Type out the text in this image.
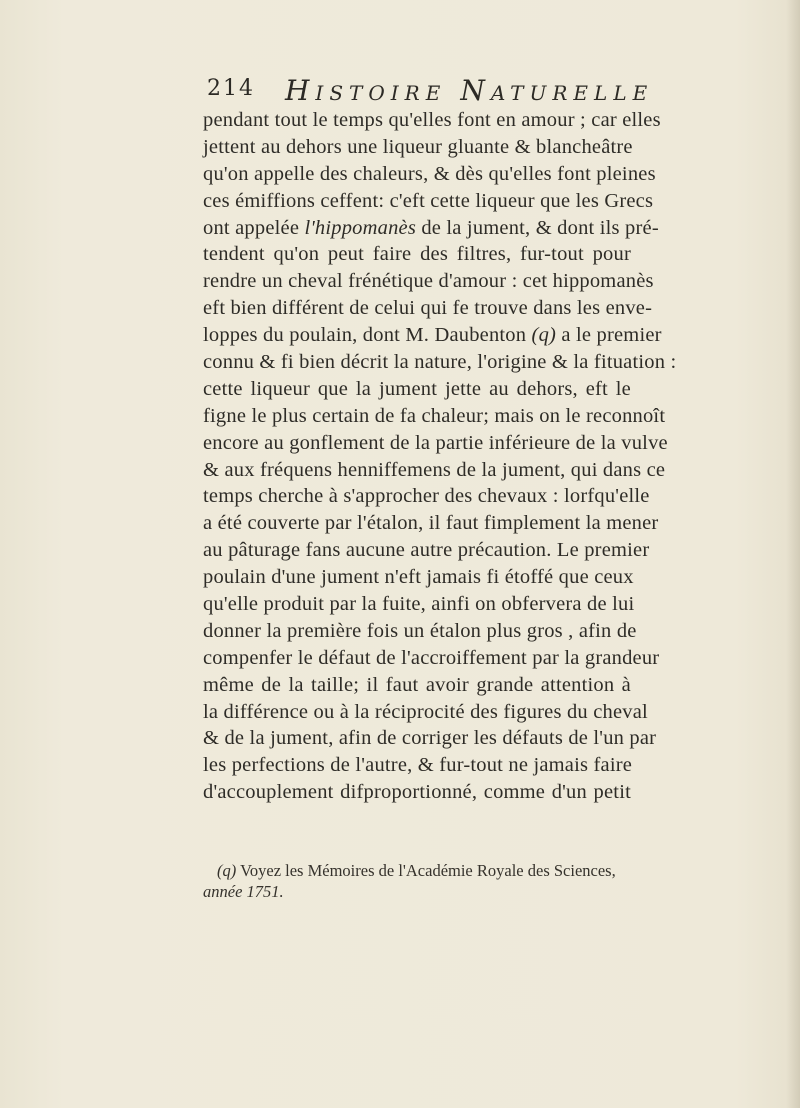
214 HISTOIRE NATURELLE
pendant tout le temps qu'elles font en amour ; car elles
jettent au dehors une liqueur gluante & blancheâtre
qu'on appelle des chaleurs, & dès qu'elles font pleines
ces émiffions ceffent: c'eft cette liqueur que les Grecs
ont appelée l'hippomanès de la jument, & dont ils pré-
tendent qu'on peut faire des filtres, fur-tout pour
rendre un cheval frénétique d'amour : cet hippomanès
eft bien différent de celui qui fe trouve dans les enve-
loppes du poulain, dont M. Daubenton (q) a le premier
connu & fi bien décrit la nature, l'origine & la fituation :
cette liqueur que la jument jette au dehors, eft le
figne le plus certain de fa chaleur; mais on le reconnoît
encore au gonflement de la partie inférieure de la vulve
& aux fréquens henniffemens de la jument, qui dans ce
temps cherche à s'approcher des chevaux : lorfqu'elle
a été couverte par l'étalon, il faut fimplement la mener
au pâturage fans aucune autre précaution. Le premier
poulain d'une jument n'eft jamais fi étoffé que ceux
qu'elle produit par la fuite, ainfi on obfervera de lui
donner la première fois un étalon plus gros , afin de
compenfer le défaut de l'accroiffement par la grandeur
même de la taille; il faut avoir grande attention à
la différence ou à la réciprocité des figures du cheval
& de la jument, afin de corriger les défauts de l'un par
les perfections de l'autre, & fur-tout ne jamais faire
d'accouplement difproportionné, comme d'un petit
(q) Voyez les Mémoires de l'Académie Royale des Sciences,
année 1751.
